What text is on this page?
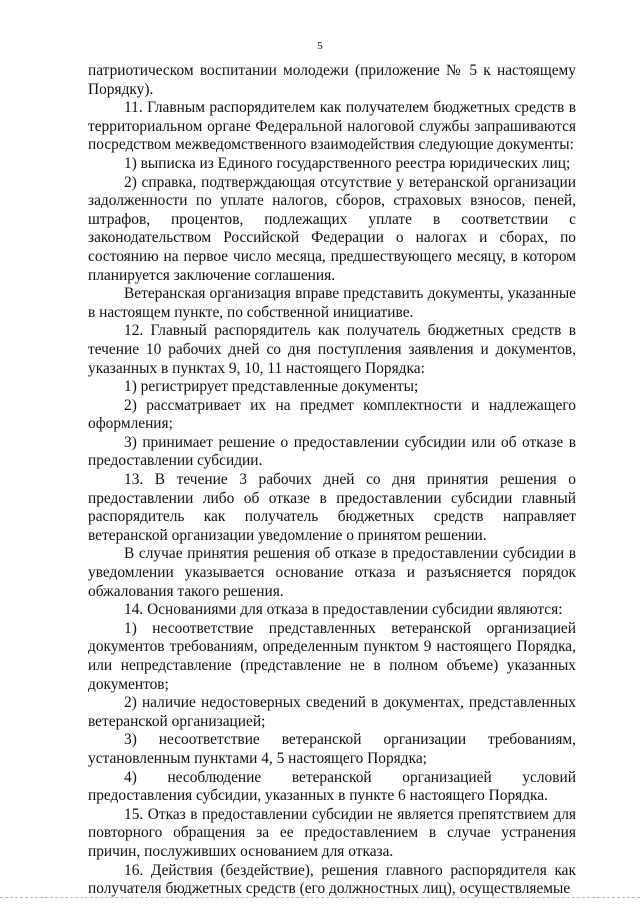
5

патриотическом воспитании молодежи (приложение № 5 к настоящему Порядку).

11. Главным распорядителем как получателем бюджетных средств в территориальном органе Федеральной налоговой службы запрашиваются посредством межведомственного взаимодействия следующие документы:

1) выписка из Единого государственного реестра юридических лиц;

2) справка, подтверждающая отсутствие у ветеранской организации задолженности по уплате налогов, сборов, страховых взносов, пеней, штрафов, процентов, подлежащих уплате в соответствии с законодательством Российской Федерации о налогах и сборах, по состоянию на первое число месяца, предшествующего месяцу, в котором планируется заключение соглашения.

Ветеранская организация вправе представить документы, указанные в настоящем пункте, по собственной инициативе.

12. Главный распорядитель как получатель бюджетных средств в течение 10 рабочих дней со дня поступления заявления и документов, указанных в пунктах 9, 10, 11 настоящего Порядка:

1) регистрирует представленные документы;

2) рассматривает их на предмет комплектности и надлежащего оформления;

3) принимает решение о предоставлении субсидии или об отказе в предоставлении субсидии.

13. В течение 3 рабочих дней со дня принятия решения о предоставлении либо об отказе в предоставлении субсидии главный распорядитель как получатель бюджетных средств направляет ветеранской организации уведомление о принятом решении.

В случае принятия решения об отказе в предоставлении субсидии в уведомлении указывается основание отказа и разъясняется порядок обжалования такого решения.

14. Основаниями для отказа в предоставлении субсидии являются:

1) несоответствие представленных ветеранской организацией документов требованиям, определенным пунктом 9 настоящего Порядка, или непредставление (представление не в полном объеме) указанных документов;

2) наличие недостоверных сведений в документах, представленных ветеранской организацией;

3) несоответствие ветеранской организации требованиям, установленным пунктами 4, 5 настоящего Порядка;

4) несоблюдение ветеранской организацией условий предоставления субсидии, указанных в пункте 6 настоящего Порядка.

15. Отказ в предоставлении субсидии не является препятствием для повторного обращения за ее предоставлением в случае устранения причин, послуживших основанием для отказа.

16. Действия (бездействие), решения главного распорядителя как получателя бюджетных средств (его должностных лиц), осуществляемые
